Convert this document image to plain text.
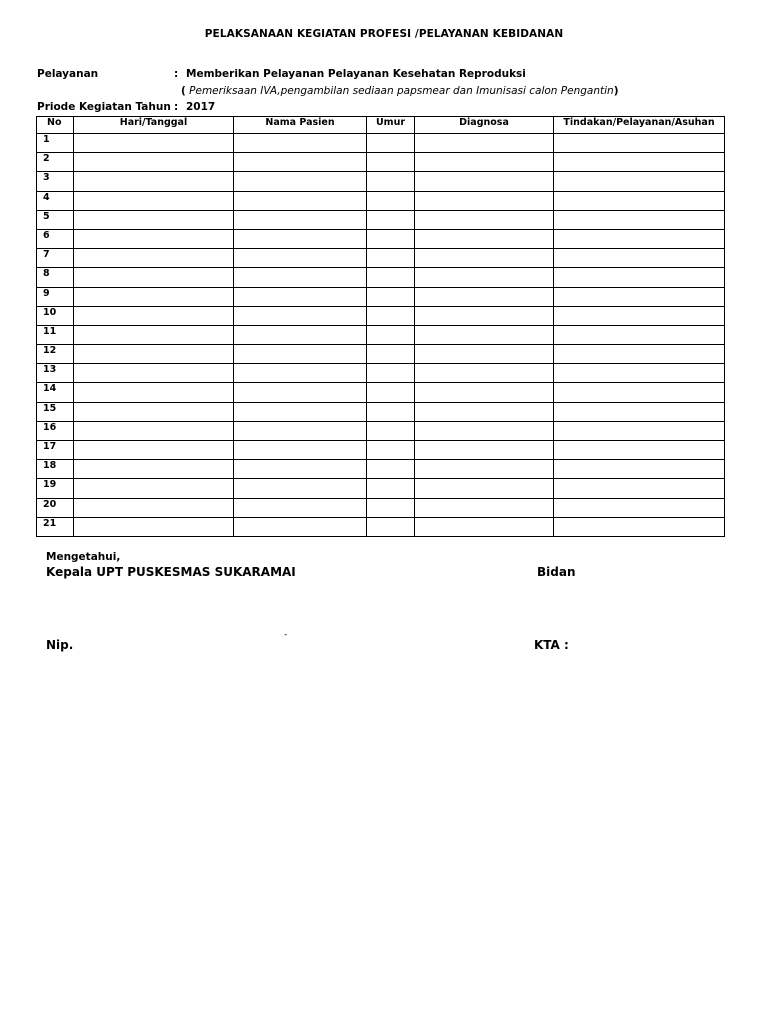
PELAKSANAAN KEGIATAN PROFESI /PELAYANAN KEBIDANAN
Pelayanan	: Memberikan Pelayanan Pelayanan Kesehatan Reproduksi
( Pemeriksaan IVA,pengambilan sediaan papsmear dan Imunisasi calon Pengantin)
Priode Kegiatan Tahun : 2017
No	Hari/Tanggal	Nama Pasien	Umur	Diagnosa	Tindakan/Pelayanan/Asuhan
1					
2					
3					
4					
5					
6					
7					
8					
9					
10					
11					
12					
13					
14					
15					
16					
17					
18					
19					
20					
21					
Mengetahui,
Kepala UPT PUSKESMAS SUKARAMAI	Bidan
-
Nip.	KTA :
